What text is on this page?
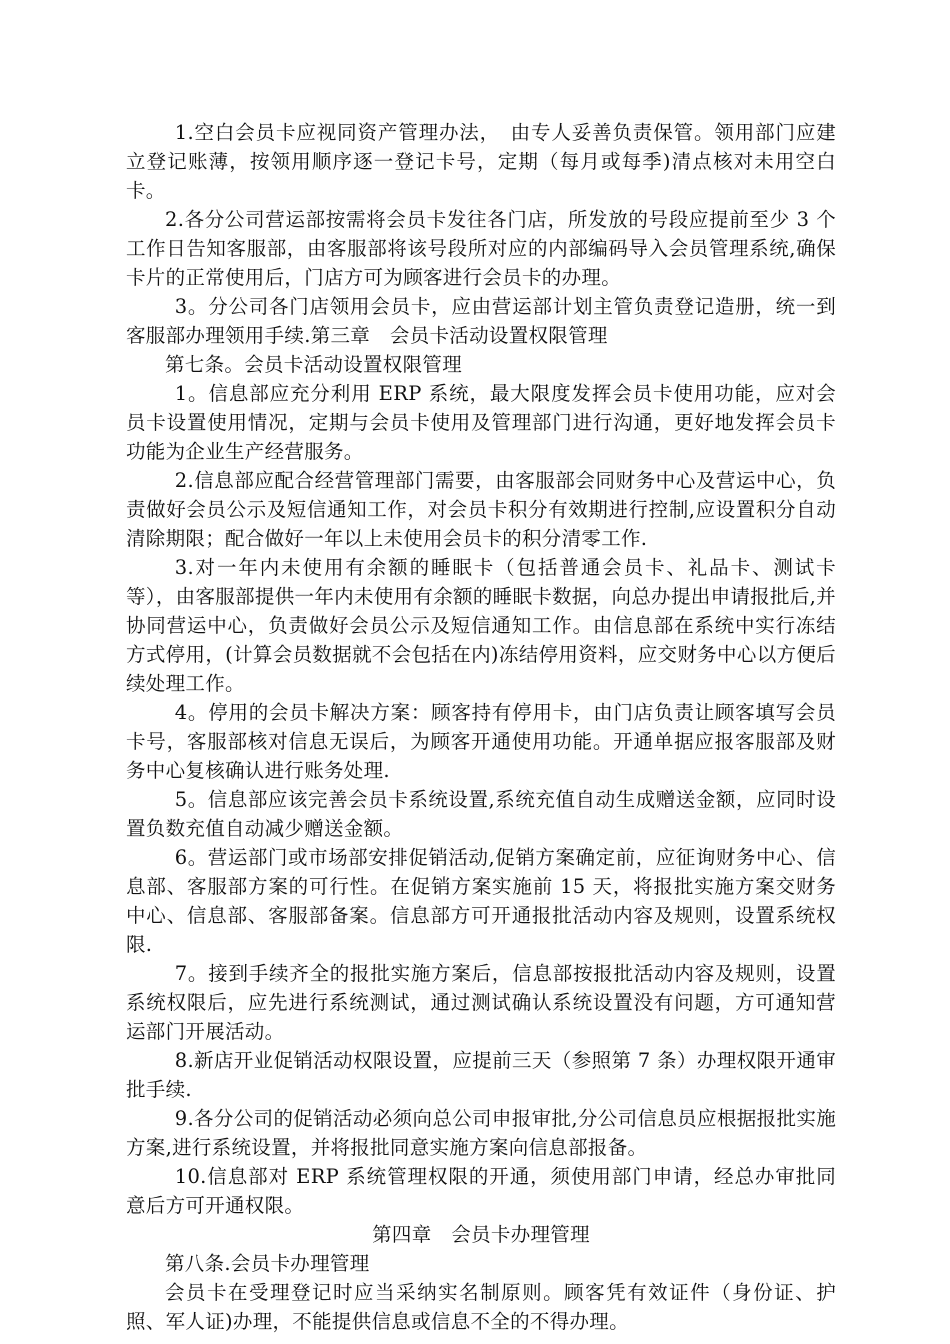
1.空白会员卡应视同资产管理办法，　由专人妥善负责保管。领用部门应建立登记账薄，按领用顺序逐一登记卡号，定期（每月或每季)清点核对未用空白卡。

2.各分公司营运部按需将会员卡发往各门店，所发放的号段应提前至少 3 个工作日告知客服部，由客服部将该号段所对应的内部编码导入会员管理系统,确保卡片的正常使用后，门店方可为顾客进行会员卡的办理。

3。分公司各门店领用会员卡，应由营运部计划主管负责登记造册，统一到客服部办理领用手续.第三章　会员卡活动设置权限管理

第七条。会员卡活动设置权限管理

1。信息部应充分利用 ERP 系统，最大限度发挥会员卡使用功能，应对会员卡设置使用情况，定期与会员卡使用及管理部门进行沟通，更好地发挥会员卡功能为企业生产经营服务。

2.信息部应配合经营管理部门需要，由客服部会同财务中心及营运中心，负责做好会员公示及短信通知工作，对会员卡积分有效期进行控制,应设置积分自动清除期限；配合做好一年以上未使用会员卡的积分清零工作.

3.对一年内未使用有余额的睡眠卡（包括普通会员卡、礼品卡、测试卡等），由客服部提供一年内未使用有余额的睡眠卡数据，向总办提出申请报批后,并协同营运中心，负责做好会员公示及短信通知工作。由信息部在系统中实行冻结方式停用，(计算会员数据就不会包括在内)冻结停用资料，应交财务中心以方便后续处理工作。

4。停用的会员卡解决方案：顾客持有停用卡，由门店负责让顾客填写会员卡号，客服部核对信息无误后，为顾客开通使用功能。开通单据应报客服部及财务中心复核确认进行账务处理.

5。信息部应该完善会员卡系统设置,系统充值自动生成赠送金额，应同时设置负数充值自动减少赠送金额。

6。营运部门或市场部安排促销活动,促销方案确定前，应征询财务中心、信息部、客服部方案的可行性。在促销方案实施前 15 天，将报批实施方案交财务中心、信息部、客服部备案。信息部方可开通报批活动内容及规则，设置系统权限.

7。接到手续齐全的报批实施方案后，信息部按报批活动内容及规则，设置系统权限后，应先进行系统测试，通过测试确认系统设置没有问题，方可通知营运部门开展活动。

8.新店开业促销活动权限设置，应提前三天（参照第 7 条）办理权限开通审批手续.

9.各分公司的促销活动必须向总公司申报审批,分公司信息员应根据报批实施方案,进行系统设置，并将报批同意实施方案向信息部报备。

10.信息部对 ERP 系统管理权限的开通，须使用部门申请，经总办审批同意后方可开通权限。

第四章　会员卡办理管理

第八条.会员卡办理管理

会员卡在受理登记时应当采纳实名制原则。顾客凭有效证件（身份证、护照、军人证)办理，不能提供信息或信息不全的不得办理。
